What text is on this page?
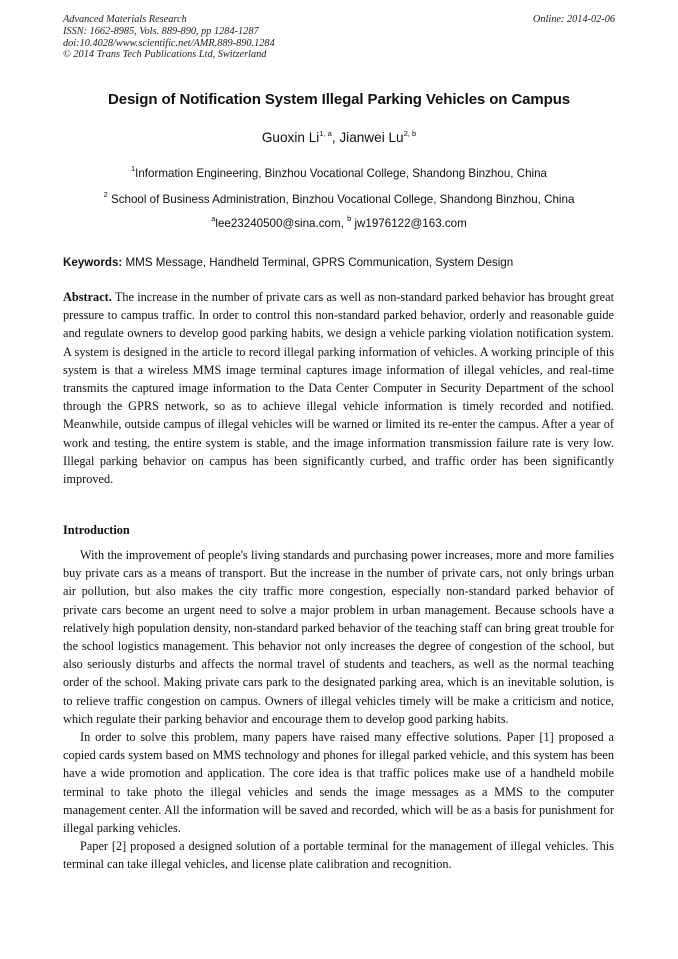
Advanced Materials Research
ISSN: 1662-8985, Vols. 889-890, pp 1284-1287
doi:10.4028/www.scientific.net/AMR.889-890.1284
© 2014 Trans Tech Publications Ltd, Switzerland
Online: 2014-02-06
Design of Notification System Illegal Parking Vehicles on Campus
Guoxin Li$^{1, a}$, Jianwei Lu$^{2, b}$
$^1$Information Engineering, Binzhou Vocational College, Shandong Binzhou, China
$^2$ School of Business Administration, Binzhou Vocational College, Shandong Binzhou, China
$^a$lee23240500@sina.com, $^b$ jw1976122@163.com
Keywords: MMS Message, Handheld Terminal, GPRS Communication, System Design
Abstract. The increase in the number of private cars as well as non-standard parked behavior has brought great pressure to campus traffic. In order to control this non-standard parked behavior, orderly and reasonable guide and regulate owners to develop good parking habits, we design a vehicle parking violation notification system. A system is designed in the article to record illegal parking information of vehicles. A working principle of this system is that a wireless MMS image terminal captures image information of illegal vehicles, and real-time transmits the captured image information to the Data Center Computer in Security Department of the school through the GPRS network, so as to achieve illegal vehicle information is timely recorded and notified. Meanwhile, outside campus of illegal vehicles will be warned or limited its re-enter the campus. After a year of work and testing, the entire system is stable, and the image information transmission failure rate is very low. Illegal parking behavior on campus has been significantly curbed, and traffic order has been significantly improved.
Introduction

With the improvement of people's living standards and purchasing power increases, more and more families buy private cars as a means of transport. But the increase in the number of private cars, not only brings urban air pollution, but also makes the city traffic more congestion, especially non-standard parked behavior of private cars become an urgent need to solve a major problem in urban management. Because schools have a relatively high population density, non-standard parked behavior of the teaching staff can bring great trouble for the school logistics management. This behavior not only increases the degree of congestion of the school, but also seriously disturbs and affects the normal travel of students and teachers, as well as the normal teaching order of the school. Making private cars park to the designated parking area, which is an inevitable solution, is to relieve traffic congestion on campus. Owners of illegal vehicles timely will be make a criticism and notice, which regulate their parking behavior and encourage them to develop good parking habits.

In order to solve this problem, many papers have raised many effective solutions. Paper [1] proposed a copied cards system based on MMS technology and phones for illegal parked vehicle, and this system has been have a wide promotion and application. The core idea is that traffic polices make use of a handheld mobile terminal to take photo the illegal vehicles and sends the image messages as a MMS to the computer management center. All the information will be saved and recorded, which will be as a basis for punishment for illegal parking vehicles.

Paper [2] proposed a designed solution of a portable terminal for the management of illegal vehicles. This terminal can take illegal vehicles, and license plate calibration and recognition.
